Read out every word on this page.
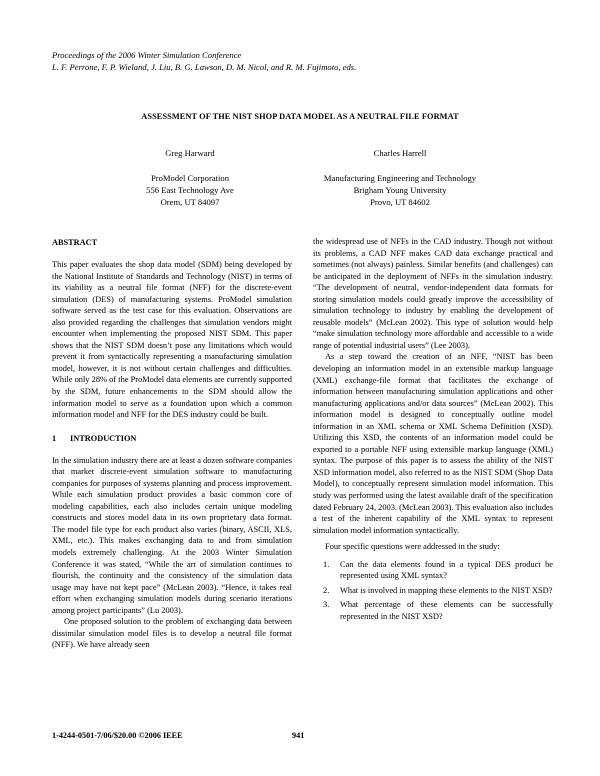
Proceedings of the 2006 Winter Simulation Conference
L. F. Perrone, F. P. Wieland, J. Liu, B. G. Lawson, D. M. Nicol, and R. M. Fujimoto, eds.
ASSESSMENT OF THE NIST SHOP DATA MODEL AS A NEUTRAL FILE FORMAT
Greg Harward
ProModel Corporation
556 East Technology Ave
Orem, UT 84097
Charles Harrell
Manufacturing Engineering and Technology
Brigham Young University
Provo, UT 84602

ABSTRACT

This paper evaluates the shop data model (SDM) being developed by the National Institute of Standards and Technology (NIST) in terms of its viability as a neutral file format (NFF) for the discrete-event simulation (DES) of manufacturing systems. ProModel simulation software served as the test case for this evaluation. Observations are also provided regarding the challenges that simulation vendors might encounter when implementing the proposed NIST SDM. This paper shows that the NIST SDM doesn’t pose any limitations which would prevent it from syntactically representing a manufacturing simulation model, however, it is not without certain challenges and difficulties. While only 28% of the ProModel data elements are currently supported by the SDM, future enhancements to the SDM should allow the information model to serve as a foundation upon which a common information model and NFF for the DES industry could be built.

1 INTRODUCTION

In the simulation industry there are at least a dozen software companies that market discrete-event simulation software to manufacturing companies for purposes of systems planning and process improvement. While each simulation product provides a basic common core of modeling capabilities, each also includes certain unique modeling constructs and stores model data in its own proprietary data format. The model file type for each product also varies (binary, ASCII, XLS, XML, etc.). This makes exchanging data to and from simulation models extremely challenging. At the 2003 Winter Simulation Conference it was stated, “While the art of simulation continues to flourish, the continuity and the consistency of the simulation data usage may have not kept pace” (McLean 2003). “Hence, it takes real effort when exchanging simulation models during scenario iterations among project participants” (Lu 2003).

One proposed solution to the problem of exchanging data between dissimilar simulation model files is to develop a neutral file format (NFF). We have already seen

the widespread use of NFFs in the CAD industry. Though not without its problems, a CAD NFF makes CAD data exchange practical and sometimes (not always) painless. Similar benefits (and challenges) can be anticipated in the deployment of NFFs in the simulation industry. “The development of neutral, vendor-independent data formats for storing simulation models could greatly improve the accessibility of simulation technology to industry by enabling the development of reusable models” (McLean 2002). This type of solution would help “make simulation technology more affordable and accessible to a wide range of potential industrial users” (Lee 2003).

As a step toward the creation of an NFF, “NIST has been developing an information model in an extensible markup language (XML) exchange-file format that facilitates the exchange of information between manufacturing simulation applications and other manufacturing applications and/or data sources” (McLean 2002). This information model is designed to conceptually outline model information in an XML schema or XML Schema Definition (XSD). Utilizing this XSD, the contents of an information model could be exported to a portable NFF using extensible markup language (XML) syntax. The purpose of this paper is to assess the ability of the NIST XSD information model, also referred to as the NIST SDM (Shop Data Model), to conceptually represent simulation model information. This study was performed using the latest available draft of the specification dated February 24, 2003. (McLean 2003). This evaluation also includes a test of the inherent capability of the XML syntax to represent simulation model information syntactically.

Four specific questions were addressed in the study:

1. Can the data elements found in a typical DES product be represented using XML syntax?
2. What is involved in mapping these elements to the NIST XSD?
3. What percentage of these elements can be successfully represented in the NIST XSD?
1-4244-0501-7/06/$20.00 ©2006 IEEE	941
